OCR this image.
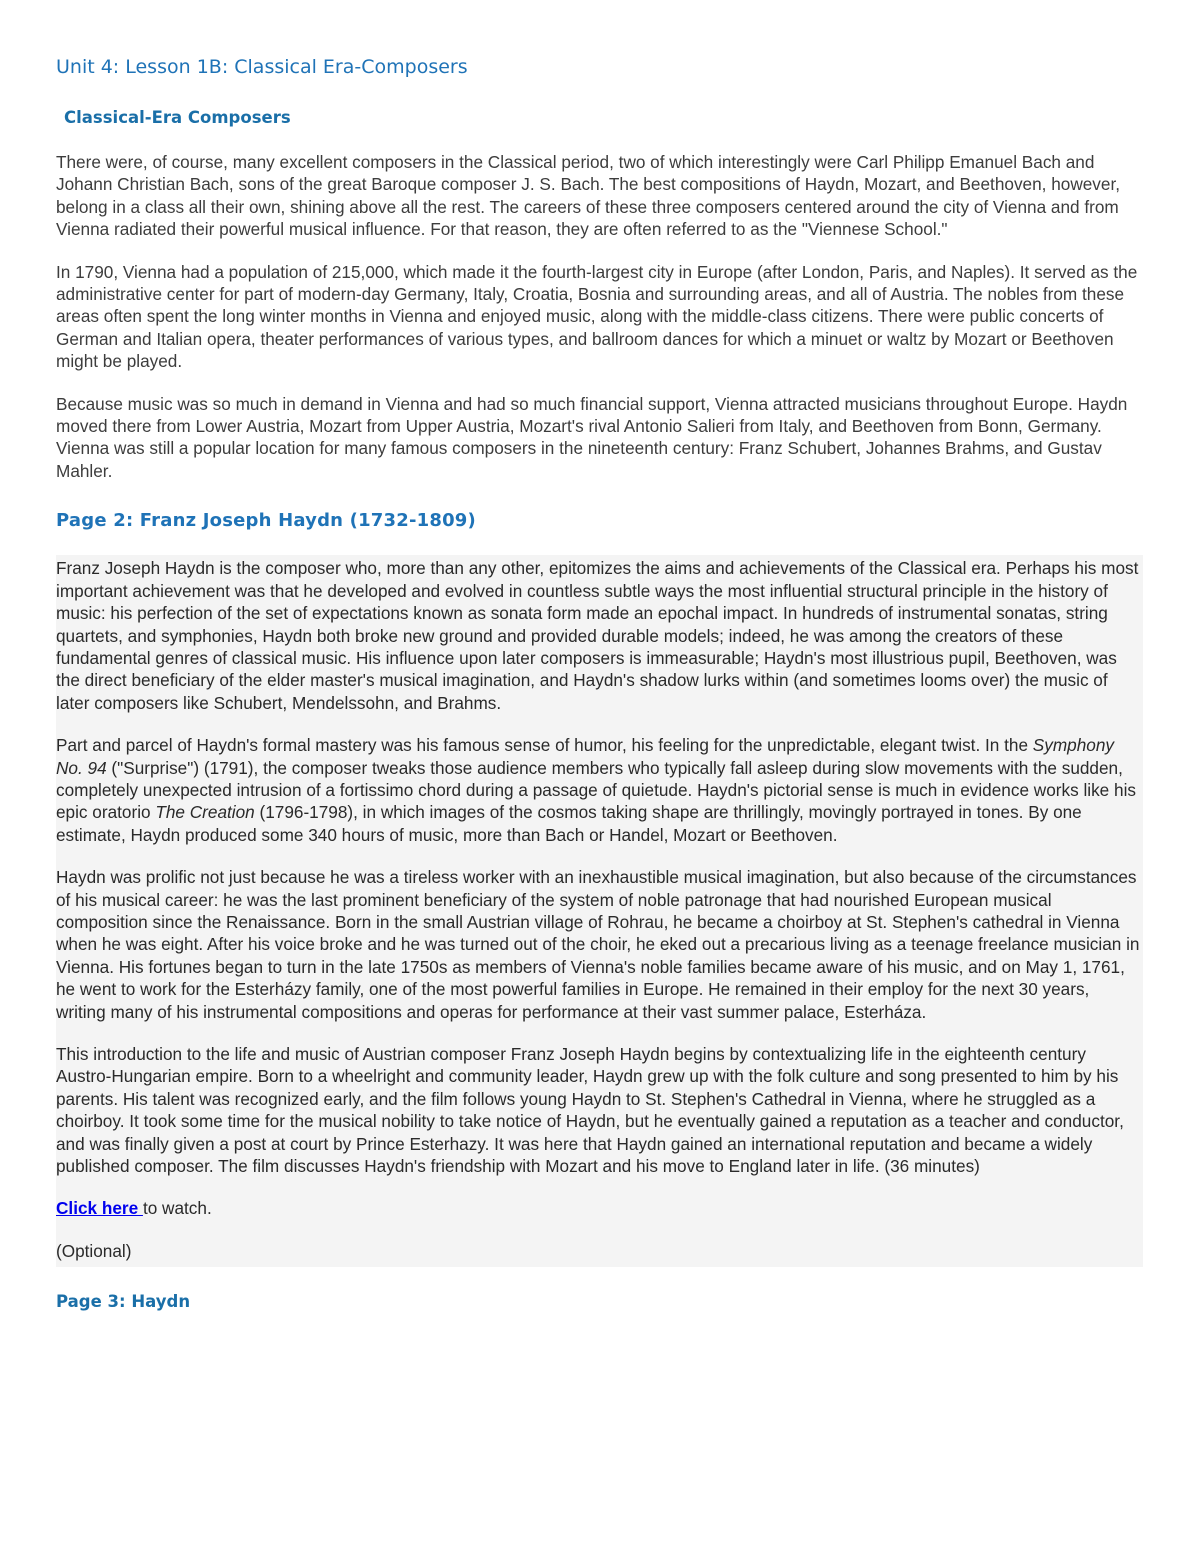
Unit 4: Lesson 1B: Classical Era-Composers
Classical-Era Composers

There were, of course, many excellent composers in the Classical period, two of which interestingly were Carl Philipp Emanuel Bach and Johann Christian Bach, sons of the great Baroque composer J. S. Bach. The best compositions of Haydn, Mozart, and Beethoven, however, belong in a class all their own, shining above all the rest. The careers of these three composers centered around the city of Vienna and from Vienna radiated their powerful musical influence. For that reason, they are often referred to as the "Viennese School."

In 1790, Vienna had a population of 215,000, which made it the fourth-largest city in Europe (after London, Paris, and Naples). It served as the administrative center for part of modern-day Germany, Italy, Croatia, Bosnia and surrounding areas, and all of Austria. The nobles from these areas often spent the long winter months in Vienna and enjoyed music, along with the middle-class citizens. There were public concerts of German and Italian opera, theater performances of various types, and ballroom dances for which a minuet or waltz by Mozart or Beethoven might be played.

Because music was so much in demand in Vienna and had so much financial support, Vienna attracted musicians throughout Europe. Haydn moved there from Lower Austria, Mozart from Upper Austria, Mozart's rival Antonio Salieri from Italy, and Beethoven from Bonn, Germany. Vienna was still a popular location for many famous composers in the nineteenth century: Franz Schubert, Johannes Brahms, and Gustav Mahler.

Page 2: Franz Joseph Haydn (1732-1809)

Franz Joseph Haydn is the composer who, more than any other, epitomizes the aims and achievements of the Classical era. Perhaps his most important achievement was that he developed and evolved in countless subtle ways the most influential structural principle in the history of music: his perfection of the set of expectations known as sonata form made an epochal impact. In hundreds of instrumental sonatas, string quartets, and symphonies, Haydn both broke new ground and provided durable models; indeed, he was among the creators of these fundamental genres of classical music. His influence upon later composers is immeasurable; Haydn's most illustrious pupil, Beethoven, was the direct beneficiary of the elder master's musical imagination, and Haydn's shadow lurks within (and sometimes looms over) the music of later composers like Schubert, Mendelssohn, and Brahms.

Part and parcel of Haydn's formal mastery was his famous sense of humor, his feeling for the unpredictable, elegant twist. In the Symphony No. 94 ("Surprise") (1791), the composer tweaks those audience members who typically fall asleep during slow movements with the sudden, completely unexpected intrusion of a fortissimo chord during a passage of quietude. Haydn's pictorial sense is much in evidence works like his epic oratorio The Creation (1796-1798), in which images of the cosmos taking shape are thrillingly, movingly portrayed in tones. By one estimate, Haydn produced some 340 hours of music, more than Bach or Handel, Mozart or Beethoven.

Haydn was prolific not just because he was a tireless worker with an inexhaustible musical imagination, but also because of the circumstances of his musical career: he was the last prominent beneficiary of the system of noble patronage that had nourished European musical composition since the Renaissance. Born in the small Austrian village of Rohrau, he became a choirboy at St. Stephen's cathedral in Vienna when he was eight. After his voice broke and he was turned out of the choir, he eked out a precarious living as a teenage freelance musician in Vienna. His fortunes began to turn in the late 1750s as members of Vienna's noble families became aware of his music, and on May 1, 1761, he went to work for the Esterházy family, one of the most powerful families in Europe. He remained in their employ for the next 30 years, writing many of his instrumental compositions and operas for performance at their vast summer palace, Esterháza.

This introduction to the life and music of Austrian composer Franz Joseph Haydn begins by contextualizing life in the eighteenth century Austro-Hungarian empire. Born to a wheelright and community leader, Haydn grew up with the folk culture and song presented to him by his parents. His talent was recognized early, and the film follows young Haydn to St. Stephen's Cathedral in Vienna, where he struggled as a choirboy. It took some time for the musical nobility to take notice of Haydn, but he eventually gained a reputation as a teacher and conductor, and was finally given a post at court by Prince Esterhazy. It was here that Haydn gained an international reputation and became a widely published composer. The film discusses Haydn's friendship with Mozart and his move to England later in life. (36 minutes)

Click here to watch.

(Optional)

Page 3: Haydn
